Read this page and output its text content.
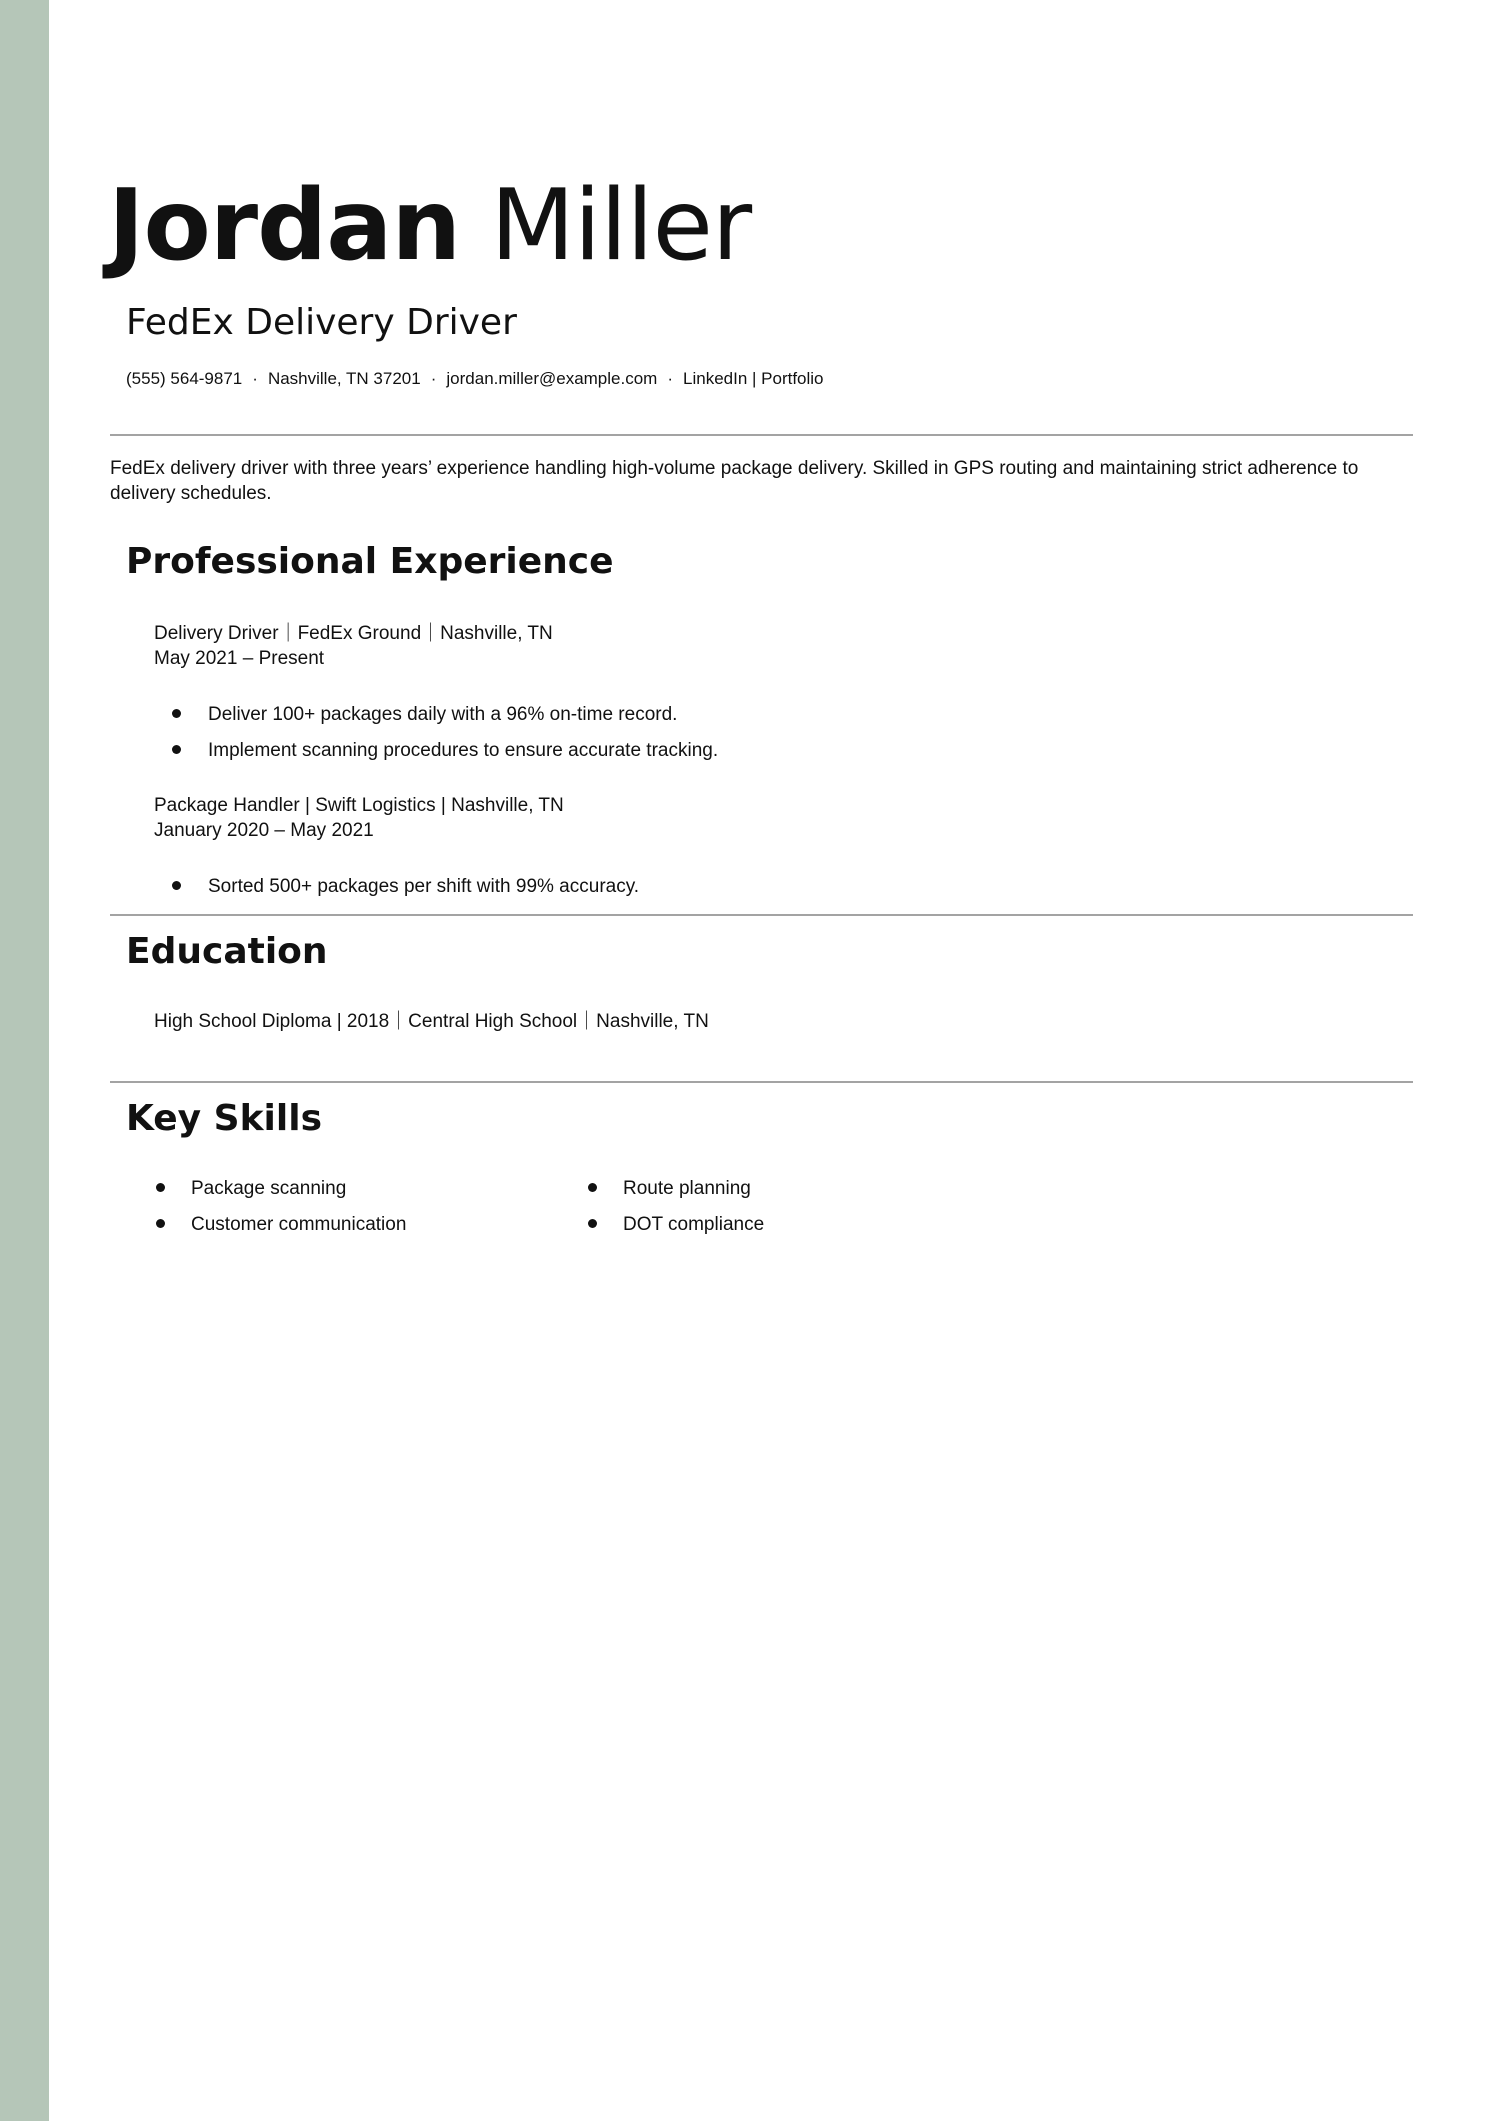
Jordan Miller
FedEx Delivery Driver
(555) 564-9871 · Nashville, TN 37201 · jordan.miller@example.com · LinkedIn | Portfolio
FedEx delivery driver with three years’ experience handling high-volume package delivery. Skilled in GPS routing and maintaining strict adherence to delivery schedules.
Professional Experience
Delivery Driver｜FedEx Ground｜Nashville, TN
May 2021 – Present
Deliver 100+ packages daily with a 96% on-time record.
Implement scanning procedures to ensure accurate tracking.
Package Handler | Swift Logistics | Nashville, TN
January 2020 – May 2021
Sorted 500+ packages per shift with 99% accuracy.
Education
High School Diploma | 2018｜Central High School｜Nashville, TN
Key Skills
Package scanning
Customer communication
Route planning
DOT compliance
